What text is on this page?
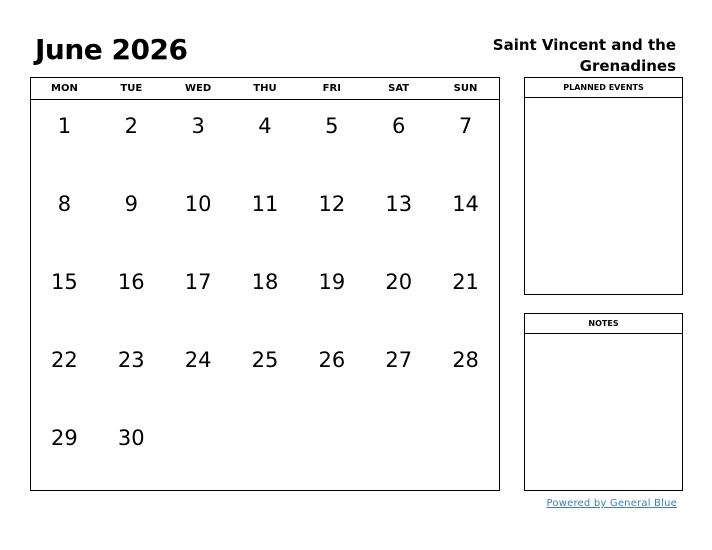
June 2026	Saint Vincent and the Grenadines
MON	TUE	WED	THU	FRI	SAT	SUN
1	2	3	4	5	6	7
8	9	10	11	12	13	14
15	16	17	18	19	20	21
22	23	24	25	26	27	28
29	30
PLANNED EVENTS
NOTES
Powered by General Blue
